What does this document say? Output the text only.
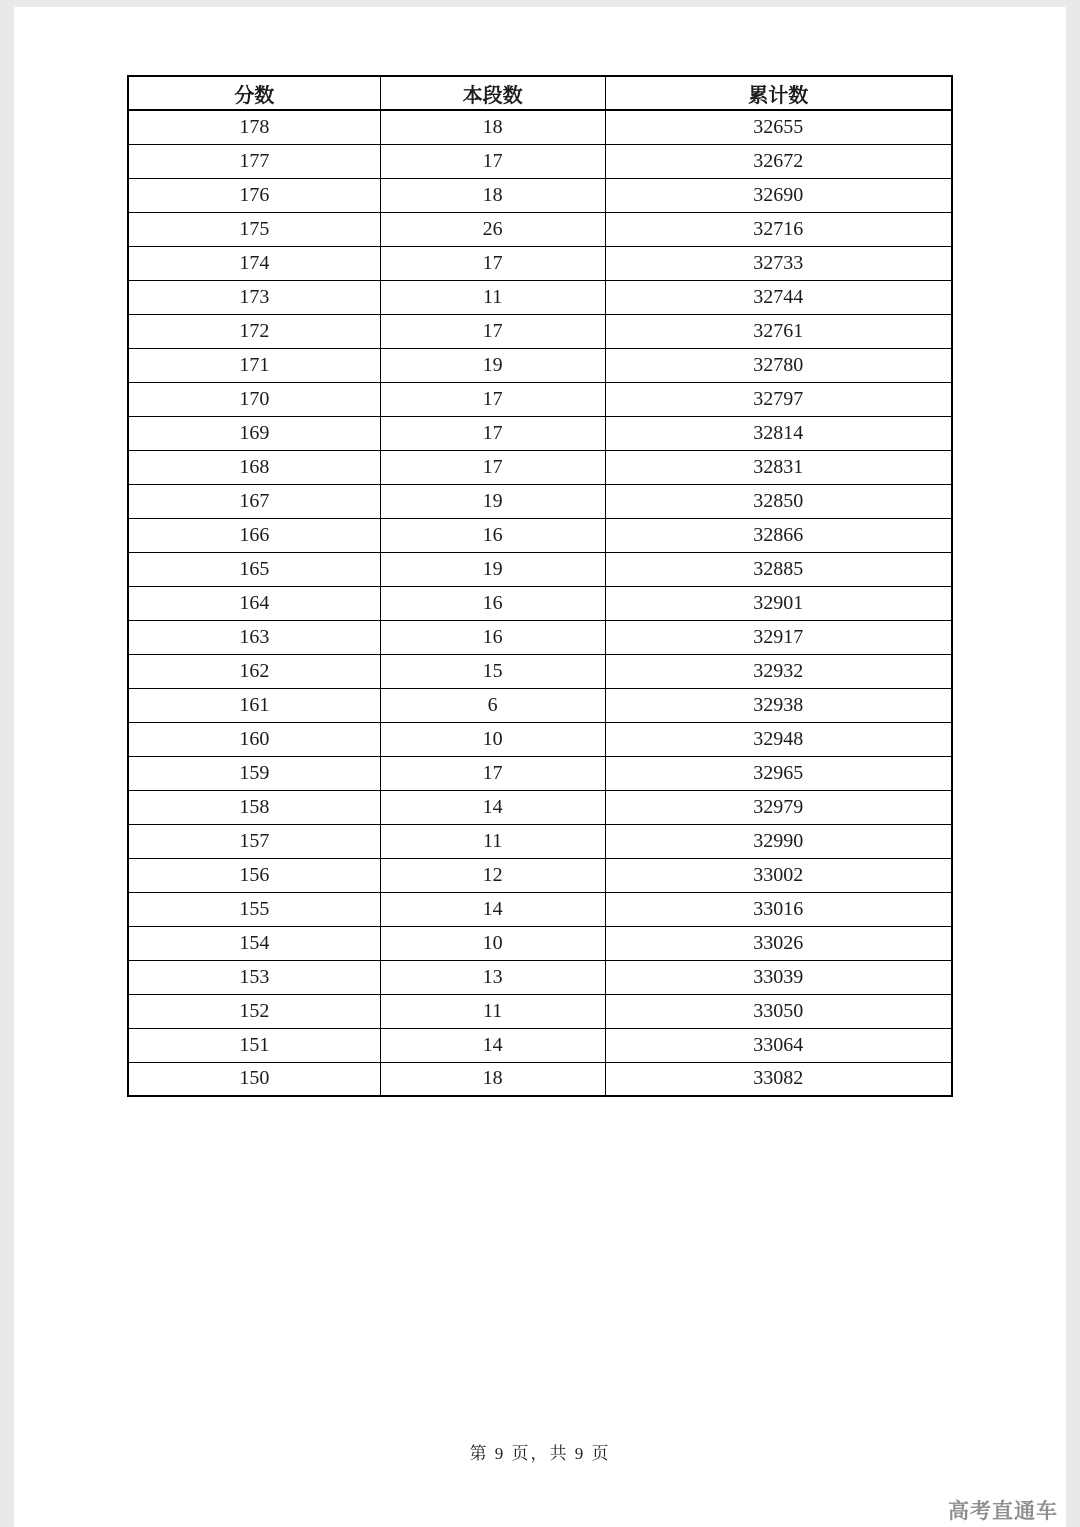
分数	本段数	累计数
178	18	32655
177	17	32672
176	18	32690
175	26	32716
174	17	32733
173	11	32744
172	17	32761
171	19	32780
170	17	32797
169	17	32814
168	17	32831
167	19	32850
166	16	32866
165	19	32885
164	16	32901
163	16	32917
162	15	32932
161	6	32938
160	10	32948
159	17	32965
158	14	32979
157	11	32990
156	12	33002
155	14	33016
154	10	33026
153	13	33039
152	11	33050
151	14	33064
150	18	33082
第 9 页，共 9 页
高考直通车
